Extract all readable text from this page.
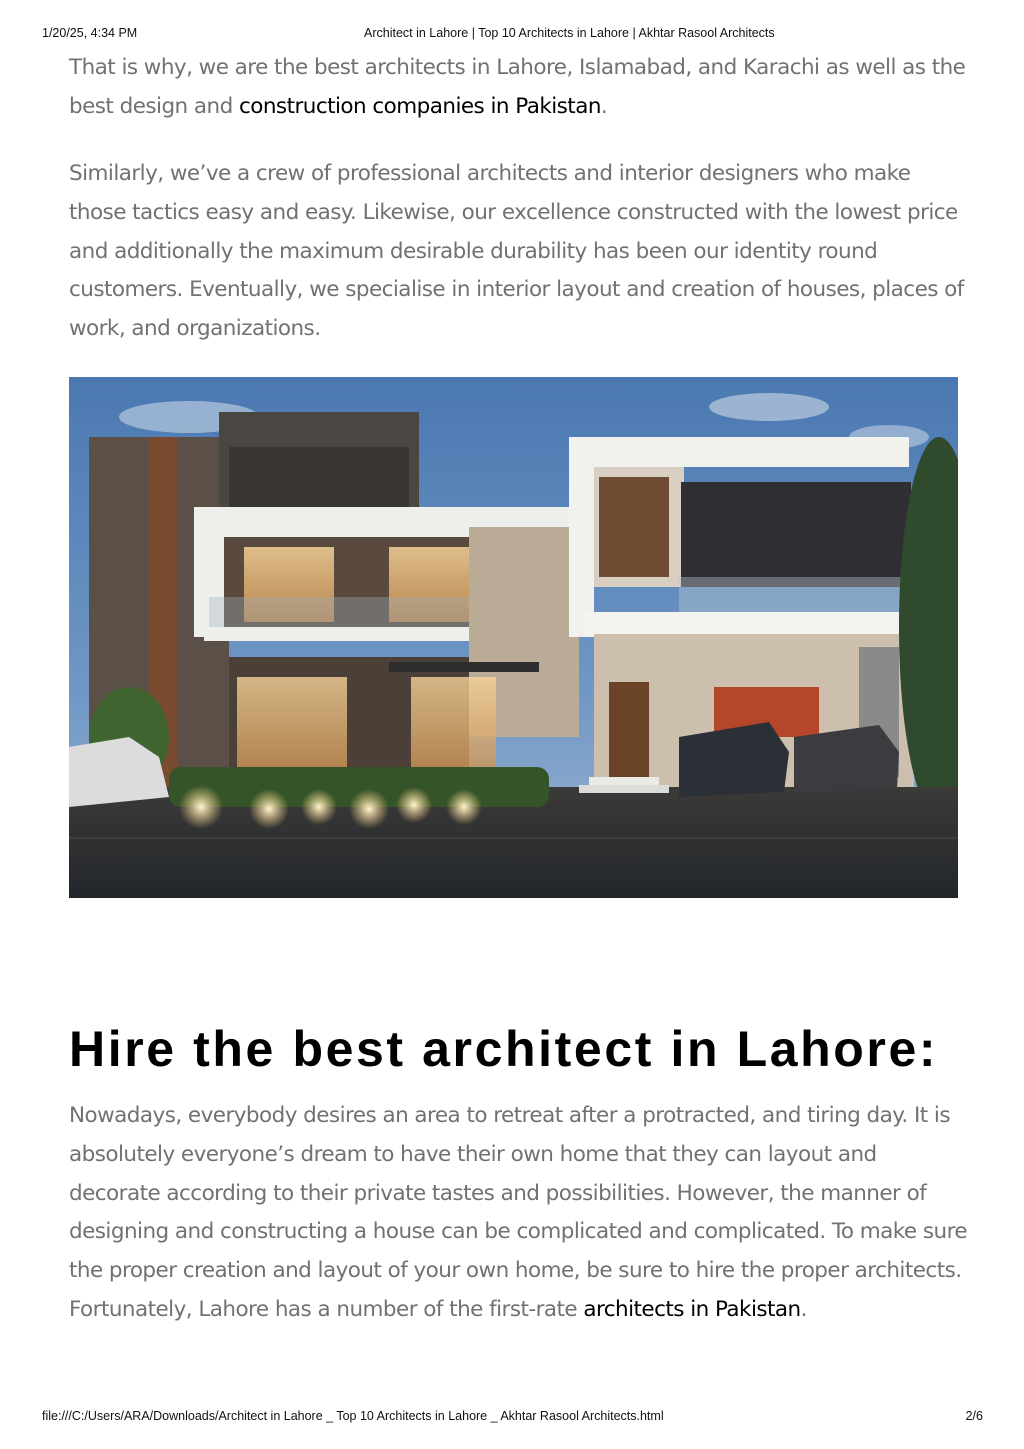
1/20/25, 4:34 PM	Architect in Lahore | Top 10 Architects in Lahore | Akhtar Rasool Architects

That is why, we are the best architects in Lahore, Islamabad, and Karachi as well as the best design and construction companies in Pakistan.

Similarly, we’ve a crew of professional architects and interior designers who make those tactics easy and easy. Likewise, our excellence constructed with the lowest price and additionally the maximum desirable durability has been our identity round customers. Eventually, we specialise in interior layout and creation of houses, places of work, and organizations.

Hire the best architect in Lahore:

Nowadays, everybody desires an area to retreat after a protracted, and tiring day. It is absolutely everyone’s dream to have their own home that they can layout and decorate according to their private tastes and possibilities. However, the manner of designing and constructing a house can be complicated and complicated. To make sure the proper creation and layout of your own home, be sure to hire the proper architects. Fortunately, Lahore has a number of the first-rate architects in Pakistan.

file:///C:/Users/ARA/Downloads/Architect in Lahore _ Top 10 Architects in Lahore _ Akhtar Rasool Architects.html	2/6
